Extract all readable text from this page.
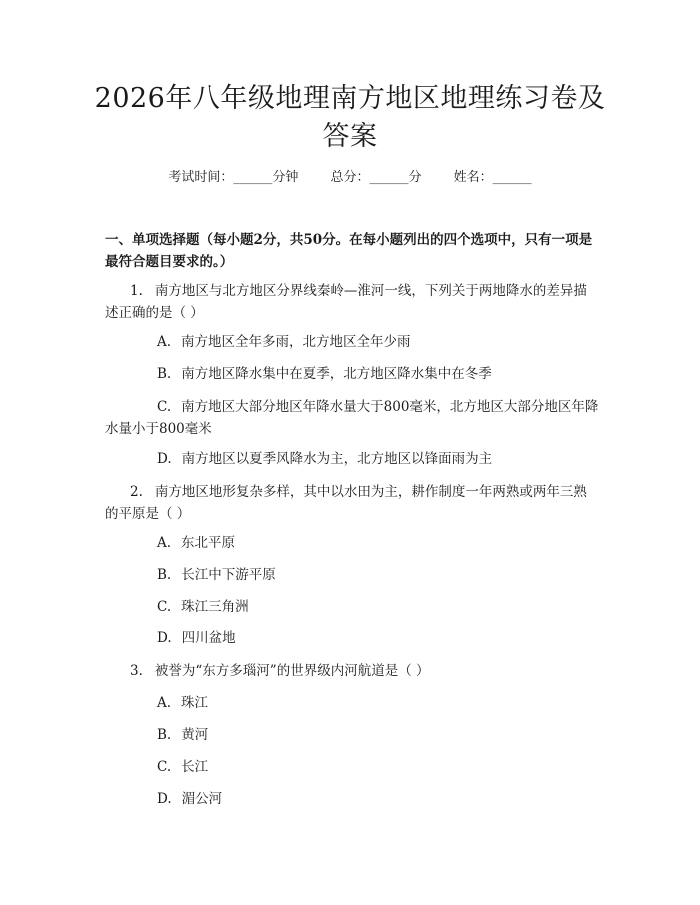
2026年八年级地理南方地区地理练习卷及答案
考试时间：______分钟 总分：______分 姓名：______
一、单项选择题（每小题2分，共50分。在每小题列出的四个选项中，只有一项是最符合题目要求的。）
1. 南方地区与北方地区分界线秦岭—淮河一线，下列关于两地降水的差异描述正确的是（ ）
A. 南方地区全年多雨，北方地区全年少雨
B. 南方地区降水集中在夏季，北方地区降水集中在冬季
C. 南方地区大部分地区年降水量大于800毫米，北方地区大部分地区年降水量小于800毫米
D. 南方地区以夏季风降水为主，北方地区以锋面雨为主
2. 南方地区地形复杂多样，其中以水田为主，耕作制度一年两熟或两年三熟的平原是（ ）
A. 东北平原
B. 长江中下游平原
C. 珠江三角洲
D. 四川盆地
3. 被誉为“东方多瑙河”的世界级内河航道是（ ）
A. 珠江
B. 黄河
C. 长江
D. 湄公河
